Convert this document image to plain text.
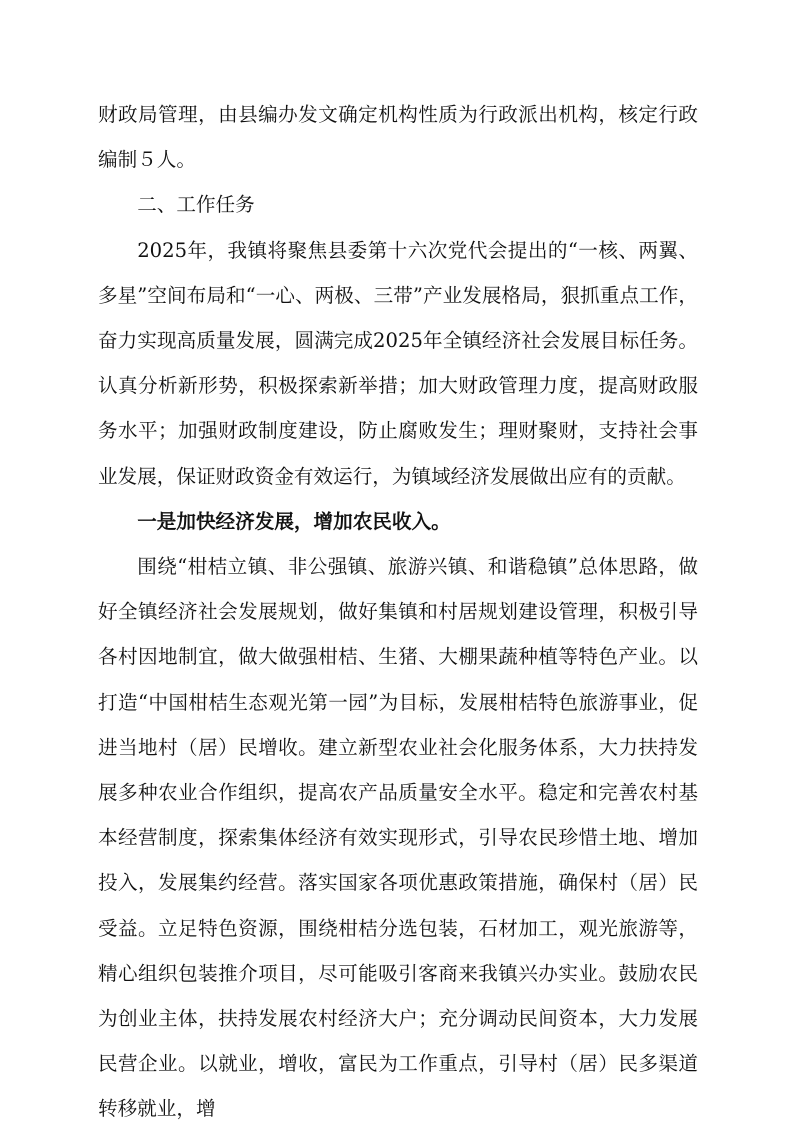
财政局管理，由县编办发文确定机构性质为行政派出机构，核定行政编制５人。

二、工作任务

2025年，我镇将聚焦县委第十六次党代会提出的“一核、两翼、多星”空间布局和“一心、两极、三带”产业发展格局，狠抓重点工作，奋力实现高质量发展，圆满完成2025年全镇经济社会发展目标任务。认真分析新形势，积极探索新举措；加大财政管理力度，提高财政服务水平；加强财政制度建设，防止腐败发生；理财聚财，支持社会事业发展，保证财政资金有效运行，为镇域经济发展做出应有的贡献。

一是加快经济发展，增加农民收入。

围绕“柑桔立镇、非公强镇、旅游兴镇、和谐稳镇”总体思路，做好全镇经济社会发展规划，做好集镇和村居规划建设管理，积极引导各村因地制宜，做大做强柑桔、生猪、大棚果蔬种植等特色产业。以打造“中国柑桔生态观光第一园”为目标，发展柑桔特色旅游事业，促进当地村（居）民增收。建立新型农业社会化服务体系，大力扶持发展多种农业合作组织，提高农产品质量安全水平。稳定和完善农村基本经营制度，探索集体经济有效实现形式，引导农民珍惜土地、增加投入，发展集约经营。落实国家各项优惠政策措施，确保村（居）民受益。立足特色资源，围绕柑桔分选包装，石材加工，观光旅游等，精心组织包装推介项目，尽可能吸引客商来我镇兴办实业。鼓励农民为创业主体，扶持发展农村经济大户；充分调动民间资本，大力发展民营企业。以就业，增收，富民为工作重点，引导村（居）民多渠道转移就业，增
